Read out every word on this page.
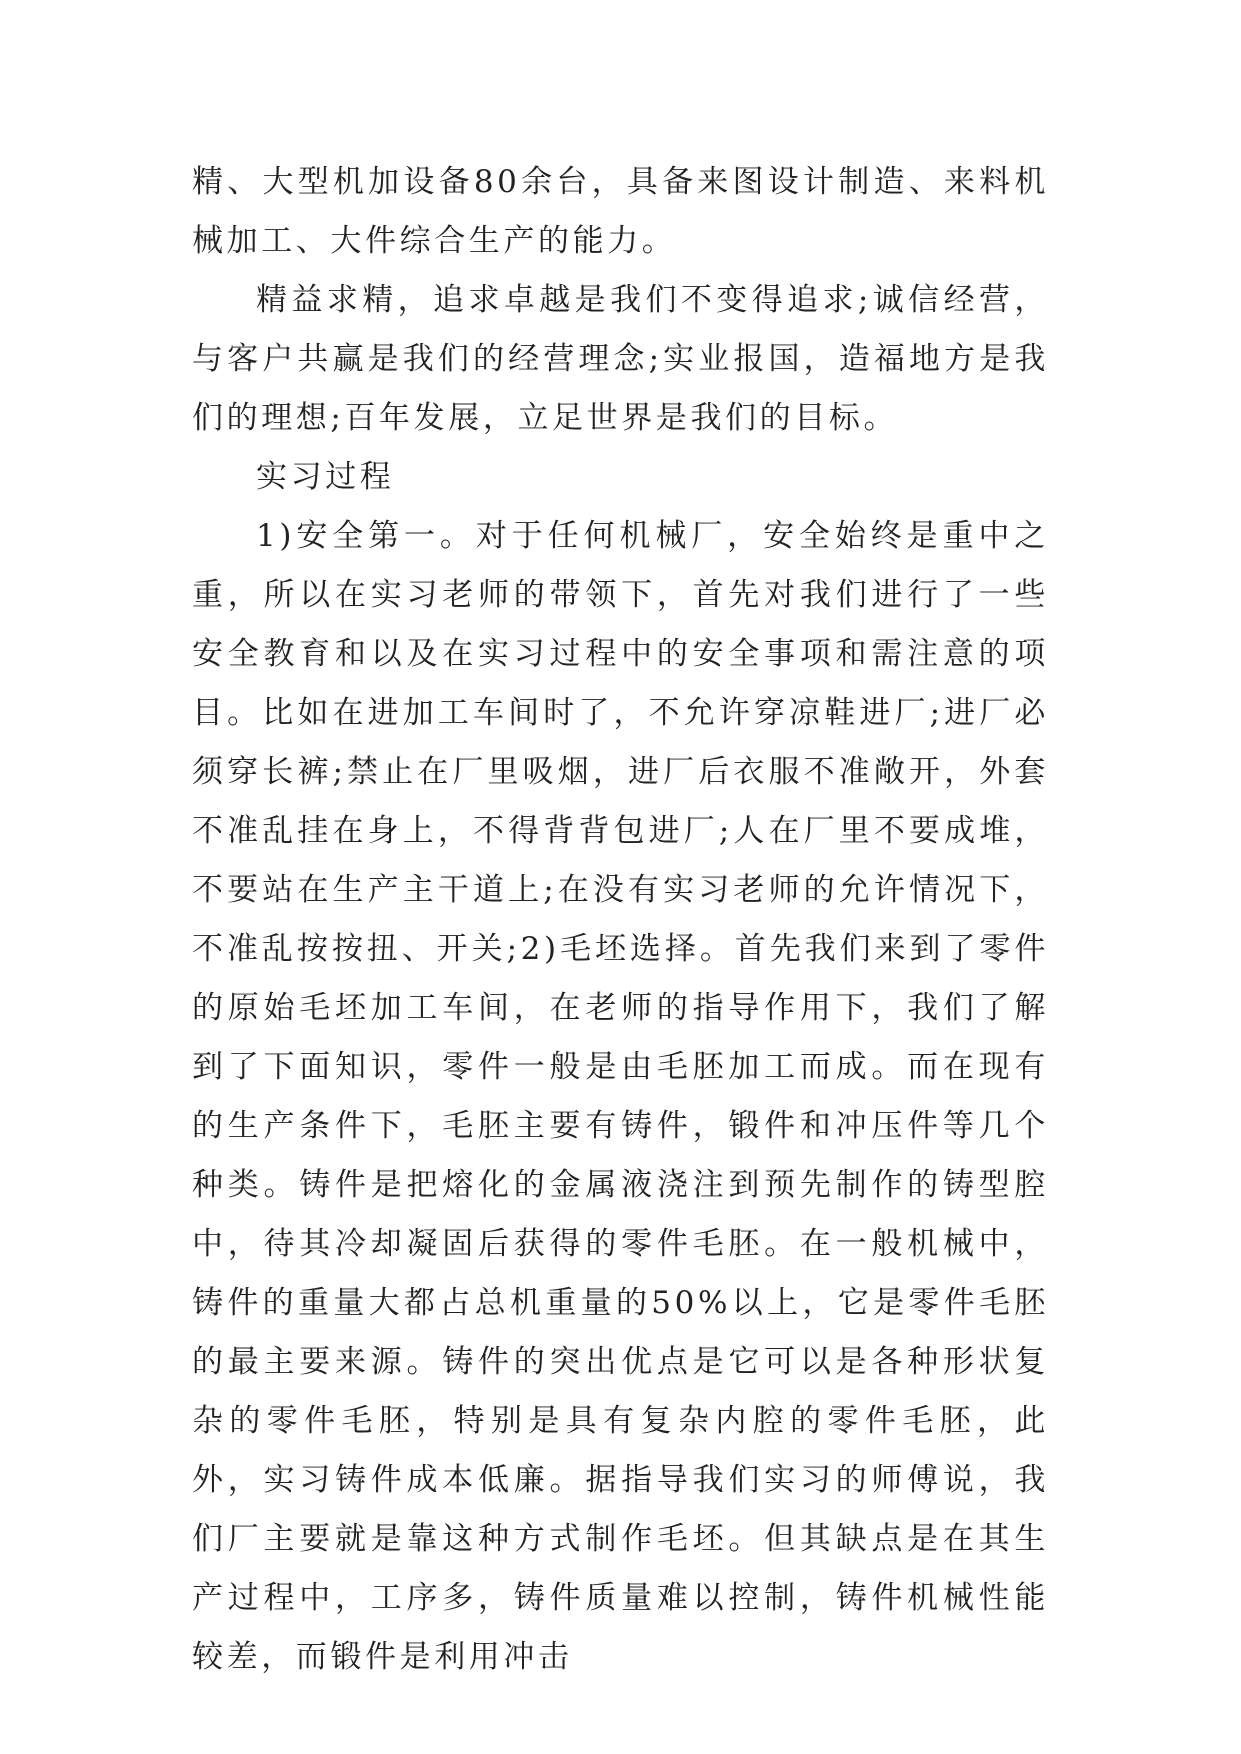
精、大型机加设备80余台，具备来图设计制造、来料机械加工、大件综合生产的能力。

精益求精，追求卓越是我们不变得追求;诚信经营，与客户共赢是我们的经营理念;实业报国，造福地方是我们的理想;百年发展，立足世界是我们的目标。

实习过程

1)安全第一。对于任何机械厂，安全始终是重中之重，所以在实习老师的带领下，首先对我们进行了一些安全教育和以及在实习过程中的安全事项和需注意的项目。比如在进加工车间时了，不允许穿凉鞋进厂;进厂必须穿长裤;禁止在厂里吸烟，进厂后衣服不准敞开，外套不准乱挂在身上，不得背背包进厂;人在厂里不要成堆，不要站在生产主干道上;在没有实习老师的允许情况下，不准乱按按扭、开关;2)毛坯选择。首先我们来到了零件的原始毛坯加工车间，在老师的指导作用下，我们了解到了下面知识，零件一般是由毛胚加工而成。而在现有的生产条件下，毛胚主要有铸件，锻件和冲压件等几个种类。铸件是把熔化的金属液浇注到预先制作的铸型腔中，待其冷却凝固后获得的零件毛胚。在一般机械中，铸件的重量大都占总机重量的50%以上，它是零件毛胚的最主要来源。铸件的突出优点是它可以是各种形状复杂的零件毛胚，特别是具有复杂内腔的零件毛胚，此外，实习铸件成本低廉。据指导我们实习的师傅说，我们厂主要就是靠这种方式制作毛坯。但其缺点是在其生产过程中，工序多，铸件质量难以控制，铸件机械性能较差，而锻件是利用冲击
